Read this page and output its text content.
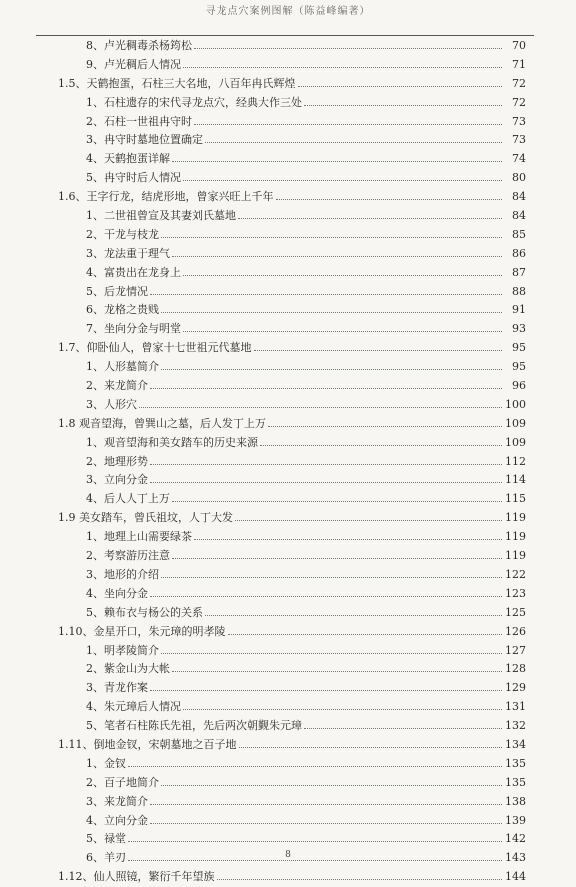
寻龙点穴案例图解（陈益峰编著）
8、卢光稠毒杀杨筠松	70
9、卢光稠后人情况	71
1.5、天鹤抱蛋，石柱三大名地，八百年冉氏辉煌	72
1、石柱遗存的宋代寻龙点穴，经典大作三处	72
2、石柱一世祖冉守时	73
3、冉守时墓地位置确定	73
4、天鹤抱蛋详解	74
5、冉守时后人情况	80
1.6、王字行龙，结虎形地，曾家兴旺上千年	84
1、二世祖曾宣及其妻刘氏墓地	84
2、干龙与枝龙	85
3、龙法重于理气	86
4、富贵出在龙身上	87
5、后龙情况	88
6、龙格之贵贱	91
7、坐向分金与明堂	93
1.7、仰卧仙人，曾家十七世祖元代墓地	95
1、人形墓简介	95
2、来龙简介	96
3、人形穴	100
1.8 观音望海，曾巽山之墓，后人发丁上万	109
1、观音望海和美女踏车的历史来源	109
2、地理形势	112
3、立向分金	114
4、后人人丁上万	115
1.9 美女踏车，曾氏祖坟，人丁大发	119
1、地理上山需要绿茶	119
2、考察游历注意	119
3、地形的介绍	122
4、坐向分金	123
5、赖布衣与杨公的关系	125
1.10、金星开口，朱元璋的明孝陵	126
1、明孝陵简介	127
2、紫金山为大帐	128
3、青龙作案	129
4、朱元璋后人情况	131
5、笔者石柱陈氏先祖，先后两次朝觐朱元璋	132
1.11、倒地金钗，宋朝墓地之百子地	134
1、金钗	135
2、百子地简介	135
3、来龙简介	138
4、立向分金	139
5、禄堂	142
6、羊刃	143
1.12、仙人照镜，繁衍千年望族	144
8
